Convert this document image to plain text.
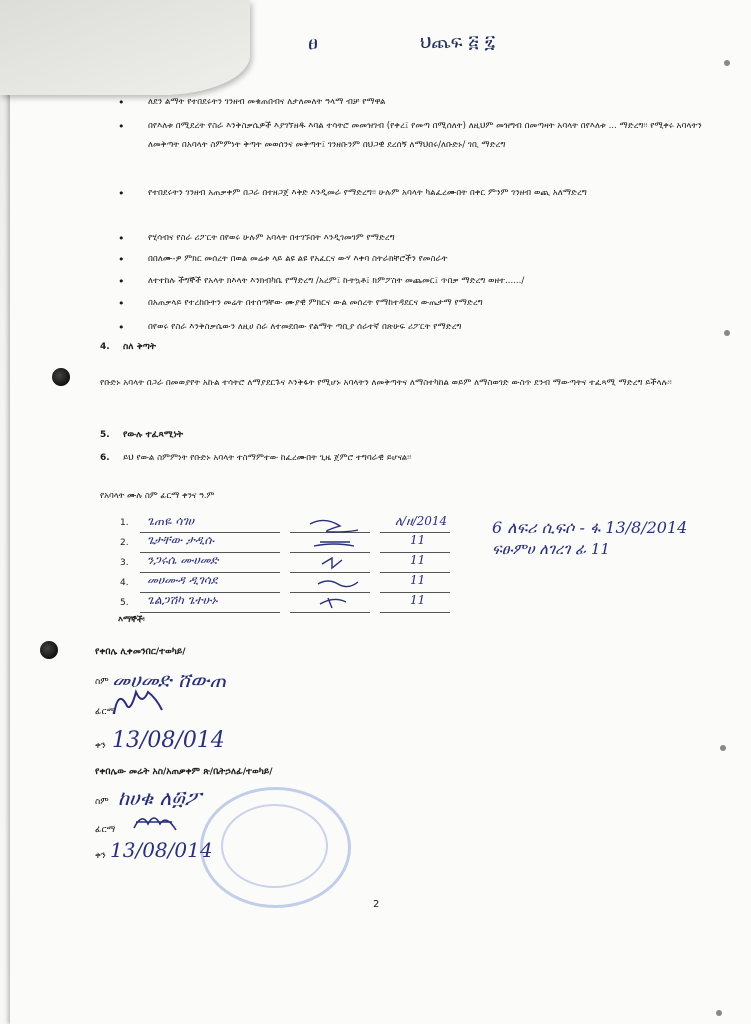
ፀ	ህጨፍ ፭ ፯
•	ለደን ልማት የተበደሩትን ገንዘብ መቁጠበብና ለታለመለት ዓላማ ብቻ የማዋል
•	በየእለቱ በሚደረት የስራ እንቅስቃሴዎች እያገኘዘዱ እባል ተሳትሮ መመዝገብ (የቀረ፤ የመጣ በሚሰለት) ለዚህም መዝግብ በመጣዛት አባላት በየእለቱ ... ማድረግ፡፡ የሚቀሩ አባላትን ለመቅጣት በአባላት ስምምነት ቅጣት መወሰንና መቅጣት፤ ገንዘቡንም በህጋዊ ደረሰኝ ለማህበሩ/ለቡድኑ/ ገቢ ማድረግ
•	የተበደሩትን ገንዘብ አጠቃቀም በጋራ በተዘጋጀ እቅድ እንዲመራ የማድረግ፡፡ ሁሉም አባላት ካልፈረሙበት በቀር ምንም ገንዘብ ወጪ አለማድረግ
•	የሂሳብና የስራ ሪፖርት በየወሩ ሁሉም አባላት በተገኙበት እንዲገመገም የማድረግ
•	በበለሙ-ዎ ምክር መሰረት በወል መሬቱ ላይ ልዩ ልዩ የአፈርና ውሃ እቀባ ስትራክቸሮችን የመስራት
•	ለተተከሉ ችግኞች የአላት ክእላት እንክብካቤ የማድረግ /አረም፤ ኩትኳቶ፤ ክምፖስት መጨመር፤ ጥበቃ ማድረግ ወዘተ....../
•	በአጠቃላይ የተረከቡትን መሬት በተሰጣቸው ሙያዊ ምክርና ውል መሰረት የማከተዳደርና ውጤታማ የማድረግ
•	በየወሩ የስራ እንቅስቃሴውን ለዚሀ ስራ ለተመደበው የልማት ጣቢያ ሰራተኛ በጽሁፍ ሪፖርት የማድረግ
4. ስለ ቅጣት
የቡድኑ አባላት በጋራ በመወያየት አኩል ተሳትሮ ለማያደርጉና እንቅፋት የሚሆኑ አባላትን ለመቅጣትና ለማስተካከል ወይም ለማስወገድ ውስጥ ደንብ ማውጣትና ተፈጻሚ ማድረግ ይችላሉ፡፡
5. የውሉ ተፈጻሚነት
6. ይህ የውል ስምምነት የቡድኑ አባላት ተስማምተው ከፈረሙበት ጊዜ ጀምሮ ተግባራዊ ይሆናል፡፡
የአባላት ሙሉ ስም ፊርማ ቀንና ዓ.ም
1. ጌጠዬ ሳገሀ	ለ/ዘ/2014
2. ጌታቸው ታዲሱ	11
3. ንጋሩሴ ሙሀመድ	11
4. መሀሙዳ ዲገሳደ	11
5. ጌልጋሽካ ጌተሁኑ	11
6 ለፍሪ ሲፍሶ - ፋ 13/8/2014
ፍፁምሀ ለገረገ ፊ 11
እማኞች፡
የቀበሌ ሊቀመንበር/ተወካይ/
ስም መሀመድ ሸውጠ
ፊርማ
ቀን 13/08/014
የቀበሌው መሬት አስ/አጠቃቀም ጽ/ቤትኃለፊ/ተወካይ/
ስም ከሀቁ ለ፴ፖ
ፊርማ
ቀን 13/08/014
2
